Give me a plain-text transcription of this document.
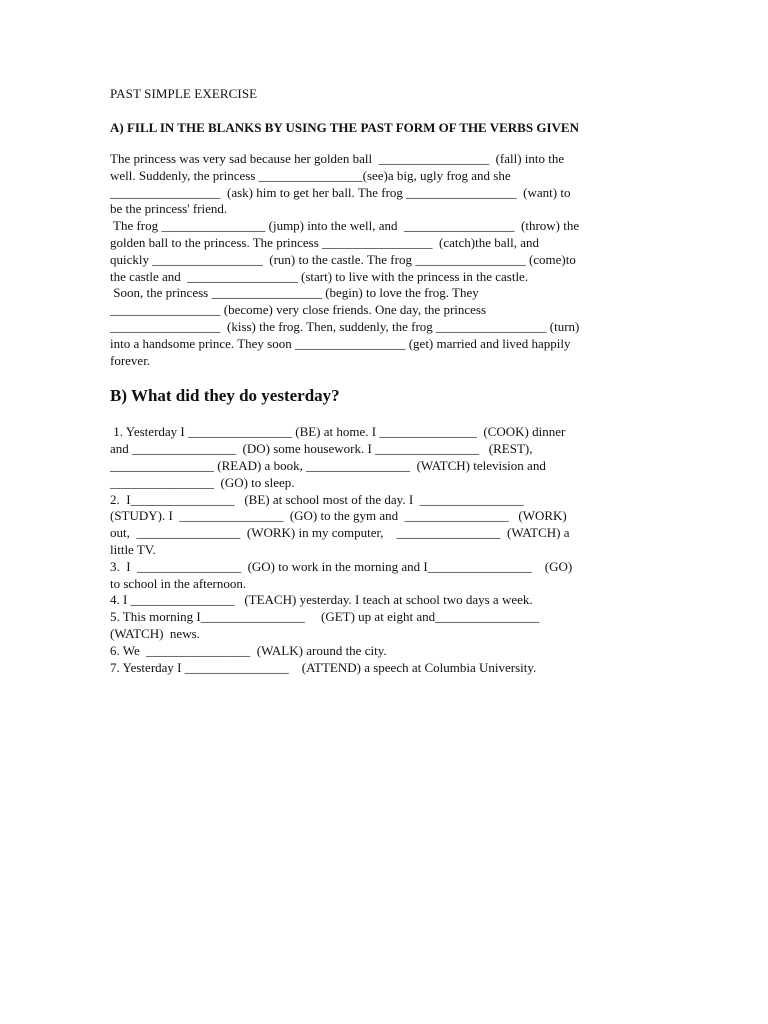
PAST SIMPLE EXERCISE
A) FILL IN THE BLANKS BY USING THE PAST FORM OF THE VERBS GIVEN
The princess was very sad because her golden ball  _________________  (fall) into the
well. Suddenly, the princess ________________(see)a big, ugly frog and she
_________________  (ask) him to get her ball. The frog _________________  (want) to
be the princess' friend.
The frog ________________ (jump) into the well, and  _________________  (throw) the
golden ball to the princess. The princess _________________  (catch)the ball, and
quickly _________________  (run) to the castle. The frog _________________ (come)to
the castle and  _________________ (start) to live with the princess in the castle.
Soon, the princess _________________ (begin) to love the frog. They
_________________ (become) very close friends. One day, the princess
_________________  (kiss) the frog. Then, suddenly, the frog _________________ (turn)
into a handsome prince. They soon _________________ (get) married and lived happily
forever.
B) What did they do yesterday?
1. Yesterday I ________________ (BE) at home. I _______________  (COOK) dinner
and ________________  (DO) some housework. I ________________   (REST),
________________ (READ) a book, ________________  (WATCH) television and
________________  (GO) to sleep.
2.  I________________   (BE) at school most of the day. I  ________________
(STUDY). I  ________________  (GO) to the gym and  ________________   (WORK)
out,  ________________  (WORK) in my computer,    ________________  (WATCH) a
little TV.
3.  I  ________________  (GO) to work in the morning and I________________    (GO)
to school in the afternoon.
4. I ________________   (TEACH) yesterday. I teach at school two days a week.
5. This morning I________________     (GET) up at eight and________________
(WATCH)  news.
6. We  ________________  (WALK) around the city.
7. Yesterday I ________________    (ATTEND) a speech at Columbia University.
